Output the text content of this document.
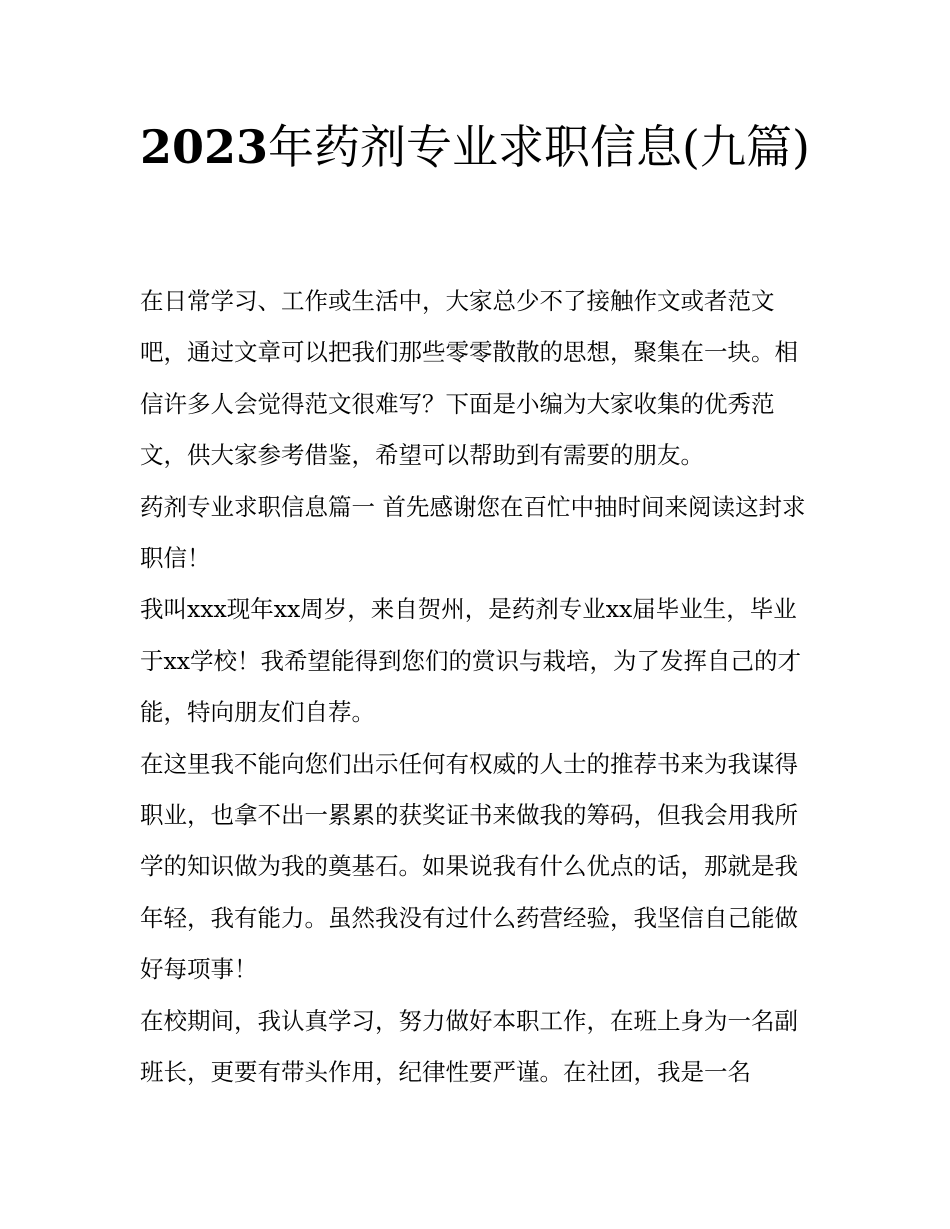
2023年药剂专业求职信息(九篇)

在日常学习、工作或生活中，大家总少不了接触作文或者范文吧，通过文章可以把我们那些零零散散的思想，聚集在一块。相信许多人会觉得范文很难写？下面是小编为大家收集的优秀范文，供大家参考借鉴，希望可以帮助到有需要的朋友。

药剂专业求职信息篇一 首先感谢您在百忙中抽时间来阅读这封求职信！

我叫xxx现年xx周岁，来自贺州，是药剂专业xx届毕业生，毕业于xx学校！我希望能得到您们的赏识与栽培，为了发挥自己的才能，特向朋友们自荐。

在这里我不能向您们出示任何有权威的人士的推荐书来为我谋得职业，也拿不出一累累的获奖证书来做我的筹码，但我会用我所学的知识做为我的奠基石。如果说我有什么优点的话，那就是我年轻，我有能力。虽然我没有过什么药营经验，我坚信自己能做好每项事！

在校期间，我认真学习，努力做好本职工作，在班上身为一名副班长，更要有带头作用，纪律性要严谨。在社团，我是一名
